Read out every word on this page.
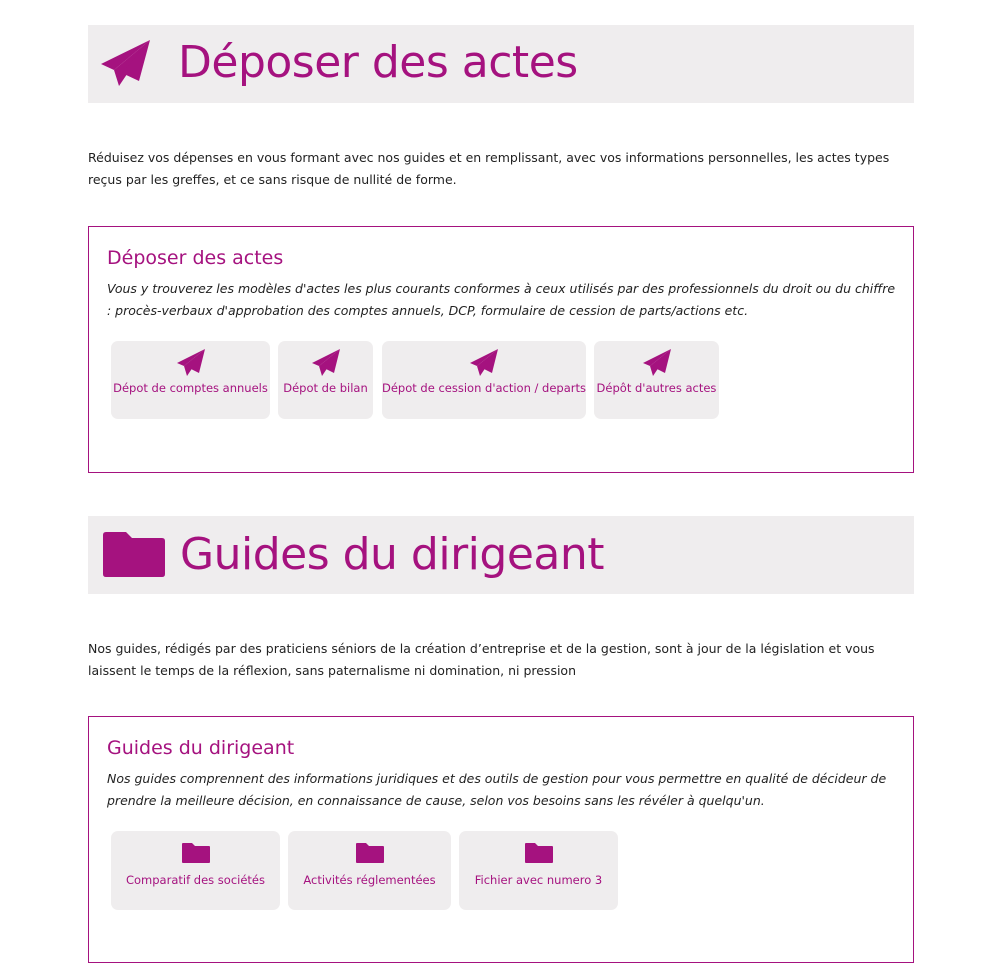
Déposer des actes

Réduisez vos dépenses en vous formant avec nos guides et en remplissant, avec vos informations personnelles, les actes types reçus par les greffes, et ce sans risque de nullité de forme.

Déposer des actes

Vous y trouverez les modèles d'actes les plus courants conformes à ceux utilisés par des professionnels du droit ou du chiffre : procès-verbaux d'approbation des comptes annuels, DCP, formulaire de cession de parts/actions etc.

Dépot de comptes annuels	Dépot de bilan	Dépot de cession d'action / departs Dépôt d'autres actes
Guides du dirigeant

Nos guides, rédigés par des praticiens séniors de la création d’entreprise et de la gestion, sont à jour de la législation et vous laissent le temps de la réflexion, sans paternalisme ni domination, ni pression

Guides du dirigeant

Nos guides comprennent des informations juridiques et des outils de gestion pour vous permettre en qualité de décideur de prendre la meilleure décision, en connaissance de cause, selon vos besoins sans les révéler à quelqu'un.

Comparatif des sociétés	Activités réglementées	Fichier avec numero 3
